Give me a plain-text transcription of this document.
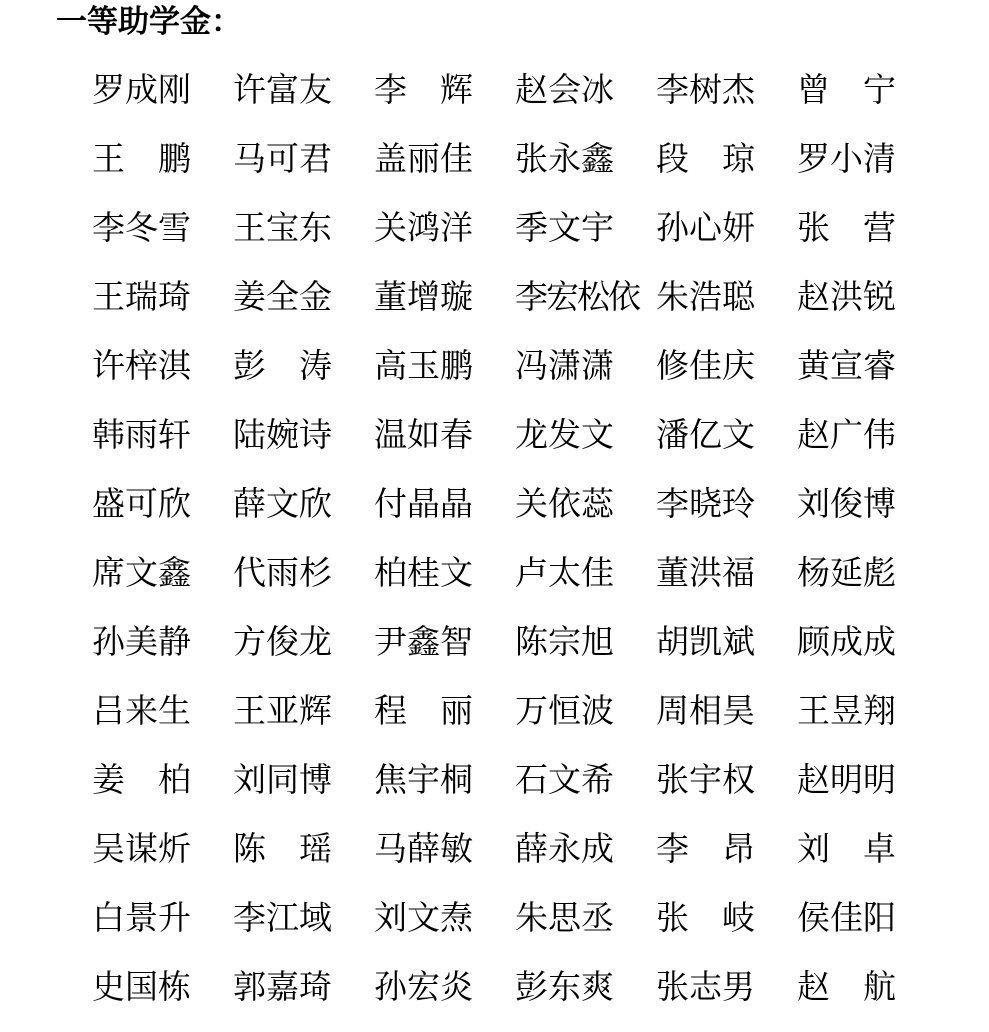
一等助学金：
罗成刚	许富友	李　辉	赵会冰	李树杰	曾　宁
王　鹏	马可君	盖丽佳	张永鑫	段　琼	罗小清
李冬雪	王宝东	关鸿洋	季文宇	孙心妍	张　营
王瑞琦	姜全金	董增璇	李宏松依 朱浩聪	赵洪锐
许梓淇	彭　涛	高玉鹏	冯潇潇	修佳庆	黄宣睿
韩雨轩	陆婉诗	温如春	龙发文	潘亿文	赵广伟
盛可欣	薛文欣	付晶晶	关依蕊	李晓玲	刘俊博
席文鑫	代雨杉	柏桂文	卢太佳	董洪福	杨延彪
孙美静	方俊龙	尹鑫智	陈宗旭	胡凯斌	顾成成
吕来生	王亚辉	程　丽	万恒波	周相昊	王昱翔
姜　柏	刘同博	焦宇桐	石文希	张宇权	赵明明
吴谋炘	陈　瑶	马薛敏	薛永成	李　昂	刘　卓
白景升	李江域	刘文焘	朱思丞	张　岐	侯佳阳
史国栋	郭嘉琦	孙宏炎	彭东爽	张志男	赵　航
